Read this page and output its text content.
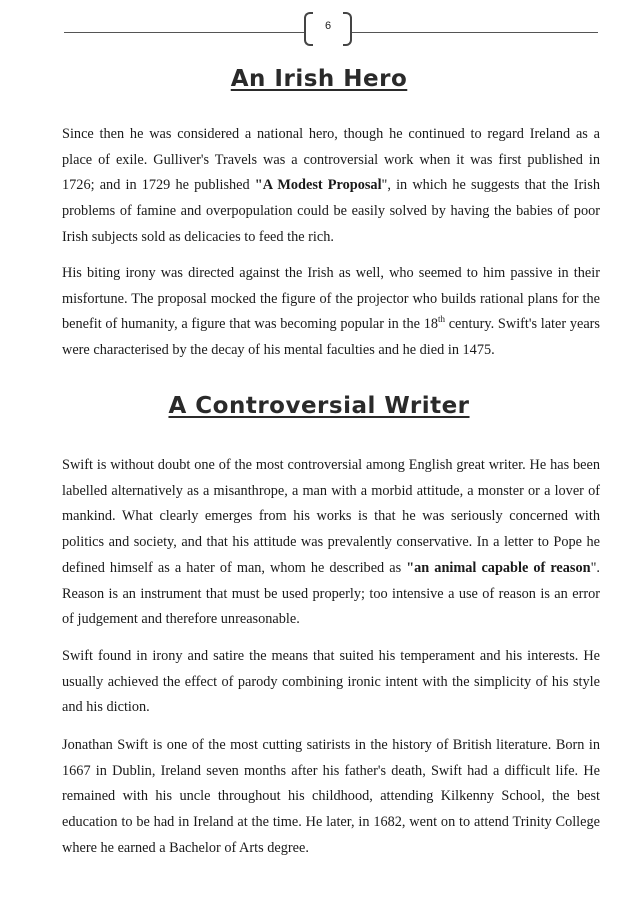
6
An Irish Hero

Since then he was considered a national hero, though he continued to regard Ireland as a place of exile. Gulliver's Travels was a controversial work when it was first published in 1726; and in 1729 he published "A Modest Proposal", in which he suggests that the Irish problems of famine and overpopulation could be easily solved by having the babies of poor Irish subjects sold as delicacies to feed the rich.

His biting irony was directed against the Irish as well, who seemed to him passive in their misfortune. The proposal mocked the figure of the projector who builds rational plans for the benefit of humanity, a figure that was becoming popular in the 18th century. Swift's later years were characterised by the decay of his mental faculties and he died in 1475.

A Controversial Writer

Swift is without doubt one of the most controversial among English great writer. He has been labelled alternatively as a misanthrope, a man with a morbid attitude, a monster or a lover of mankind. What clearly emerges from his works is that he was seriously concerned with politics and society, and that his attitude was prevalently conservative. In a letter to Pope he defined himself as a hater of man, whom he described as "an animal capable of reason". Reason is an instrument that must be used properly; too intensive a use of reason is an error of judgement and therefore unreasonable.

Swift found in irony and satire the means that suited his temperament and his interests. He usually achieved the effect of parody combining ironic intent with the simplicity of his style and his diction.

Jonathan Swift is one of the most cutting satirists in the history of British literature. Born in 1667 in Dublin, Ireland seven months after his father's death, Swift had a difficult life. He remained with his uncle throughout his childhood, attending Kilkenny School, the best education to be had in Ireland at the time. He later, in 1682, went on to attend Trinity College where he earned a Bachelor of Arts degree.
